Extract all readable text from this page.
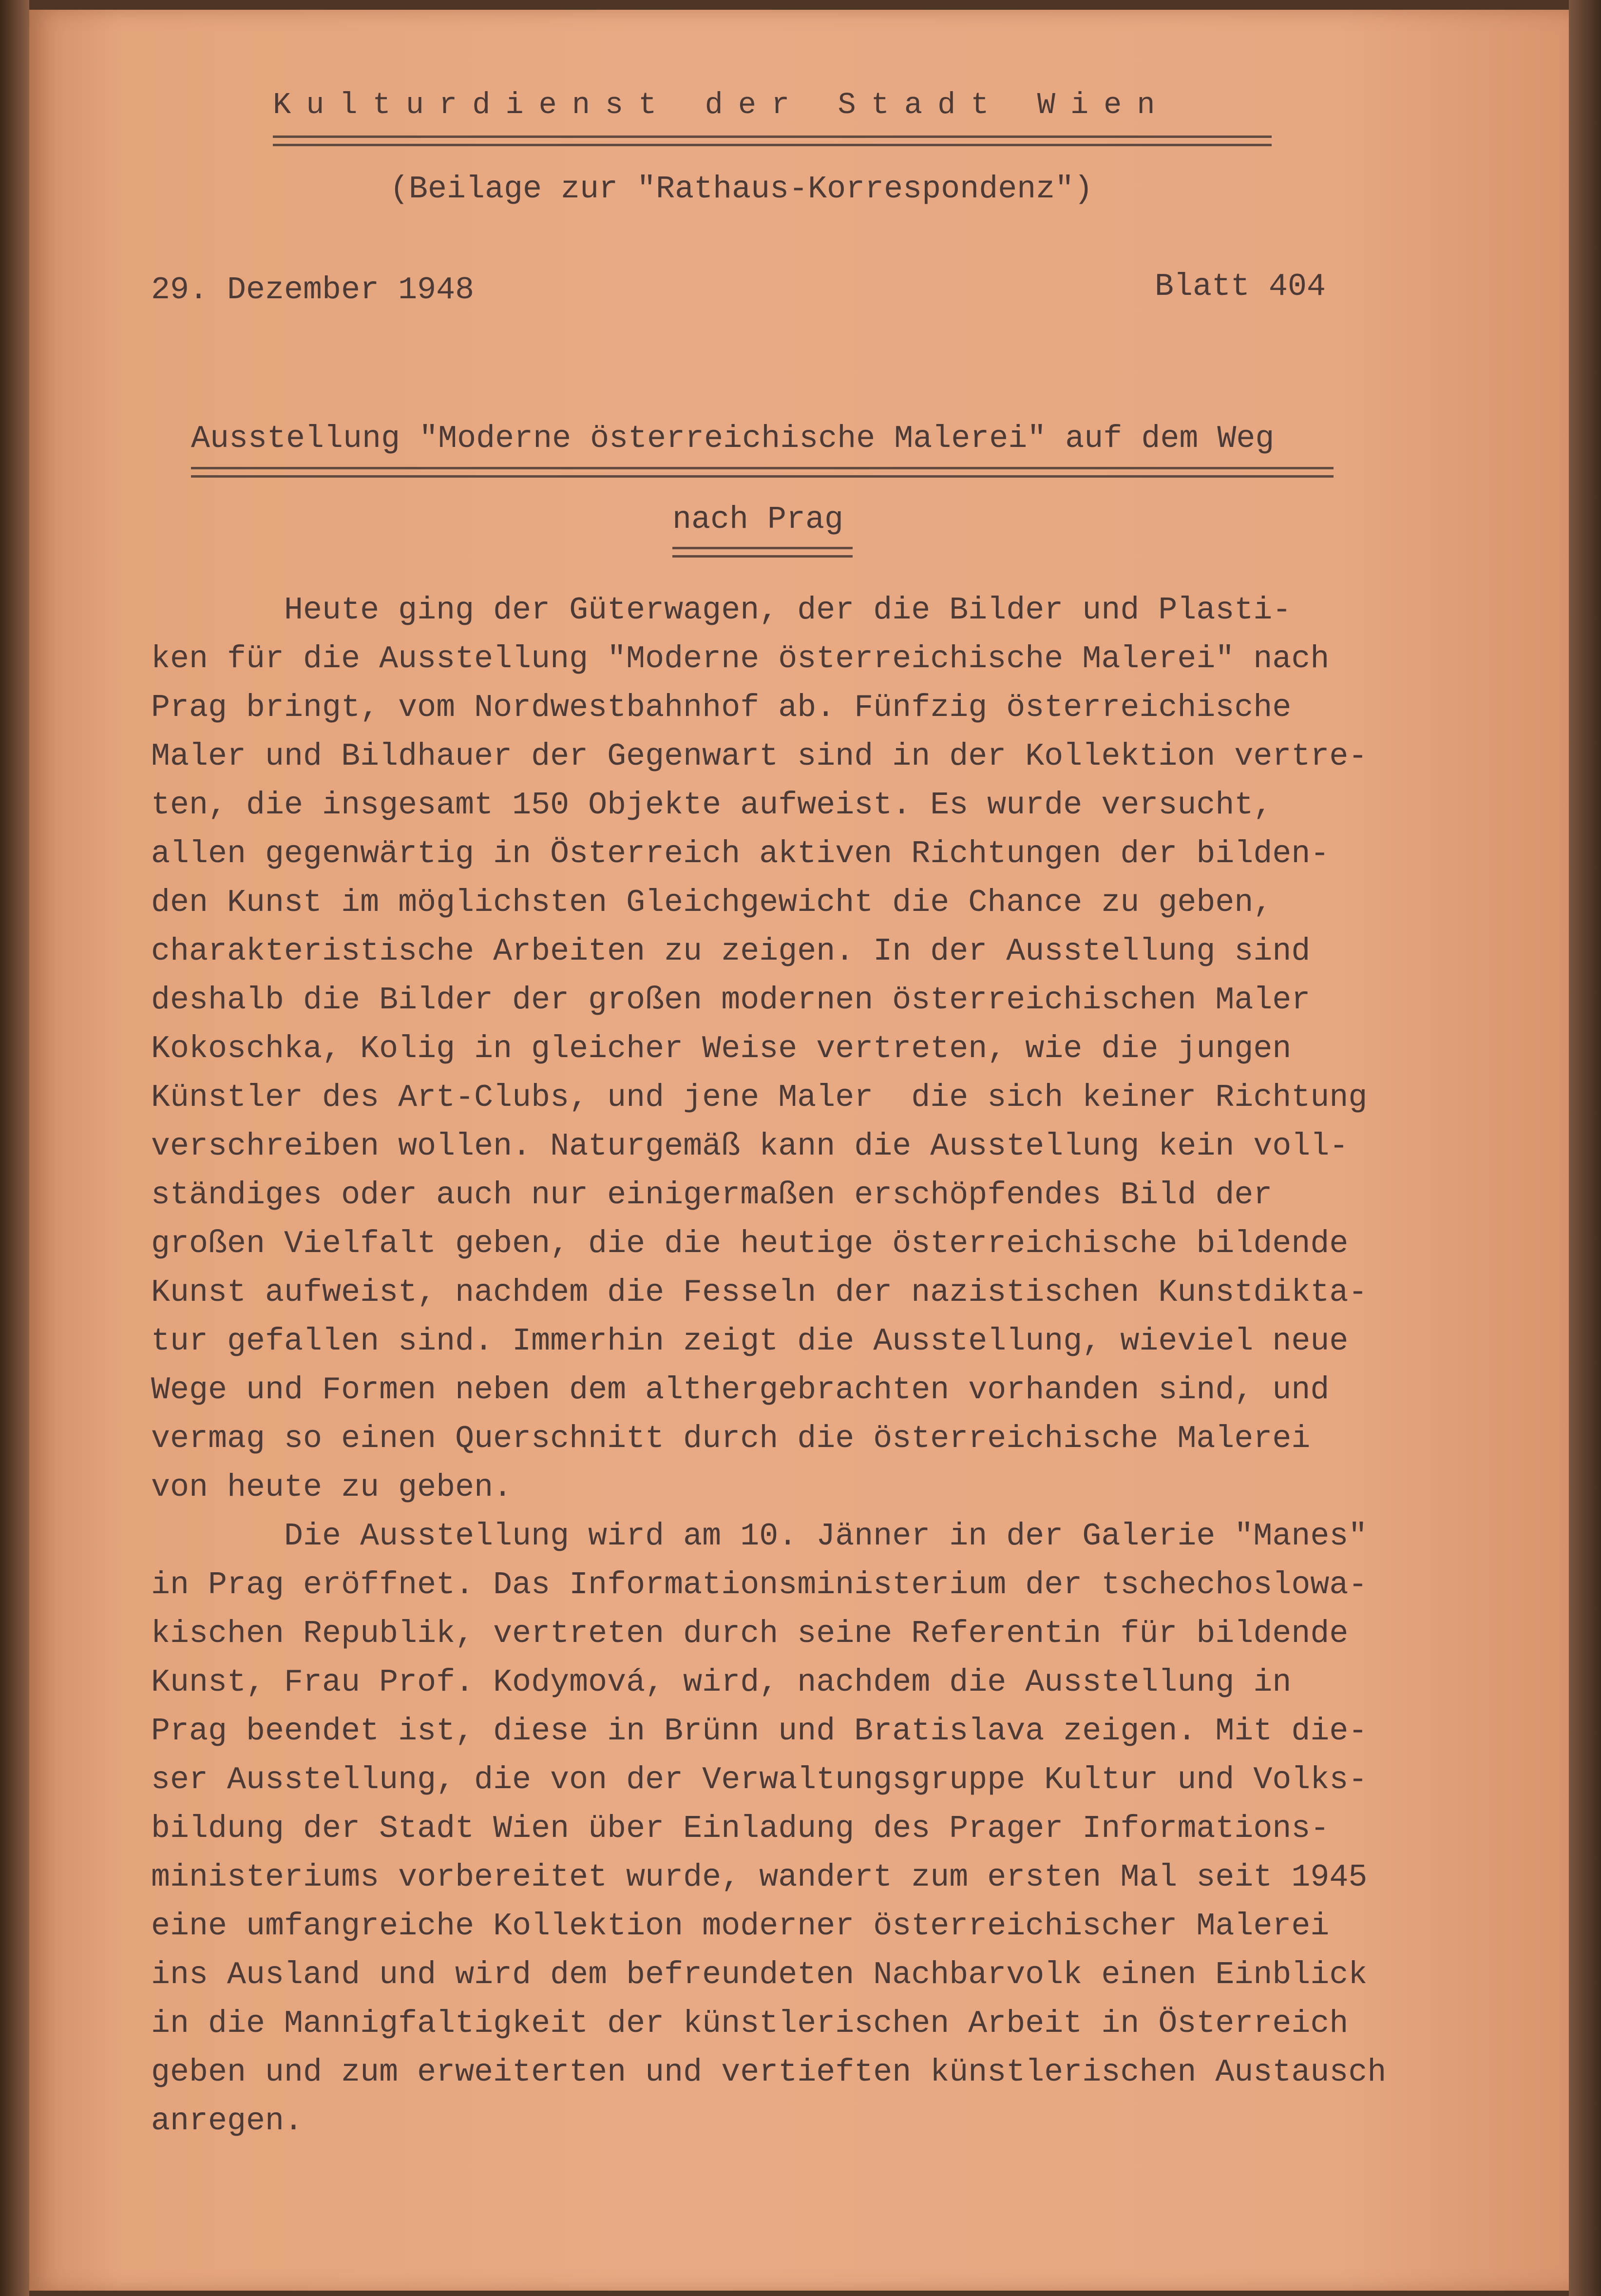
Kulturdienst der Stadt Wien

(Beilage zur "Rathaus-Korrespondenz")

29. Dezember 1948	Blatt 404

Ausstellung "Moderne österreichische Malerei" auf dem Weg

nach Prag

Heute ging der Güterwagen, der die Bilder und Plasti-

ken für die Ausstellung "Moderne österreichische Malerei" nach

Prag bringt, vom Nordwestbahnhof ab. Fünfzig österreichische

Maler und Bildhauer der Gegenwart sind in der Kollektion vertre-

ten, die insgesamt 150 Objekte aufweist. Es wurde versucht,

allen gegenwärtig in Österreich aktiven Richtungen der bilden-

den Kunst im möglichsten Gleichgewicht die Chance zu geben,

charakteristische Arbeiten zu zeigen. In der Ausstellung sind

deshalb die Bilder der großen modernen österreichischen Maler

Kokoschka, Kolig in gleicher Weise vertreten, wie die jungen

Künstler des Art-Clubs, und jene Maler  die sich keiner Richtung

verschreiben wollen. Naturgemäß kann die Ausstellung kein voll-

ständiges oder auch nur einigermaßen erschöpfendes Bild der

großen Vielfalt geben, die die heutige österreichische bildende

Kunst aufweist, nachdem die Fesseln der nazistischen Kunstdikta-

tur gefallen sind. Immerhin zeigt die Ausstellung, wieviel neue

Wege und Formen neben dem althergebrachten vorhanden sind, und

vermag so einen Querschnitt durch die österreichische Malerei

von heute zu geben.

Die Ausstellung wird am 10. Jänner in der Galerie "Manes"

in Prag eröffnet. Das Informationsministerium der tschechoslowa-

kischen Republik, vertreten durch seine Referentin für bildende

Kunst, Frau Prof. Kodymová, wird, nachdem die Ausstellung in

Prag beendet ist, diese in Brünn und Bratislava zeigen. Mit die-

ser Ausstellung, die von der Verwaltungsgruppe Kultur und Volks-

bildung der Stadt Wien über Einladung des Prager Informations-

ministeriums vorbereitet wurde, wandert zum ersten Mal seit 1945

eine umfangreiche Kollektion moderner österreichischer Malerei

ins Ausland und wird dem befreundeten Nachbarvolk einen Einblick

in die Mannigfaltigkeit der künstlerischen Arbeit in Österreich

geben und zum erweiterten und vertieften künstlerischen Austausch

anregen.
